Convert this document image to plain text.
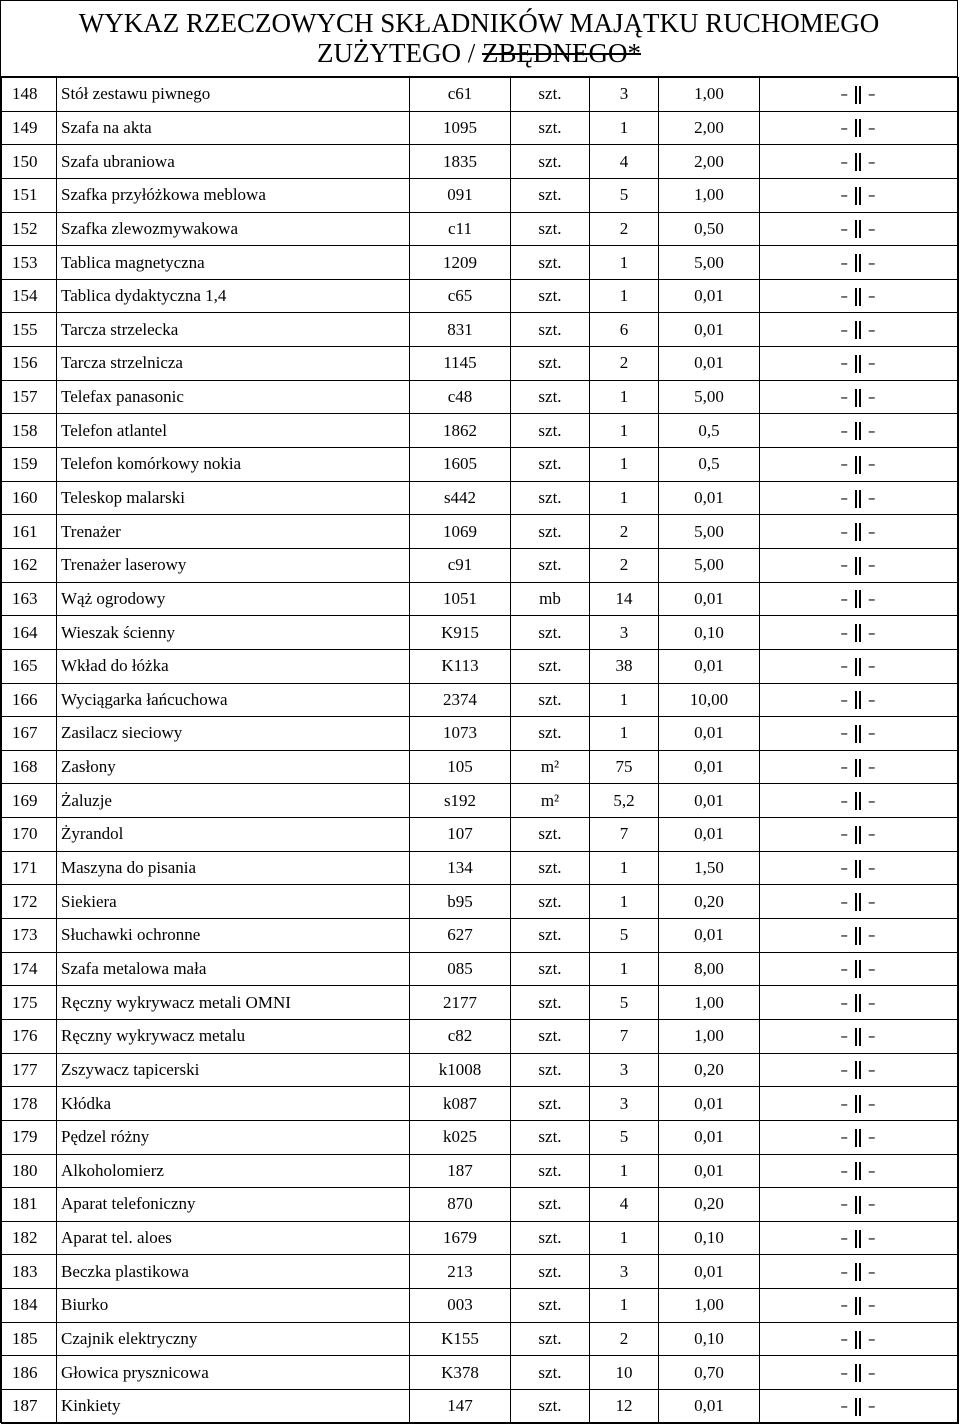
WYKAZ RZECZOWYCH SKŁADNIKÓW MAJĄTKU RUCHOMEGO
ZUŻYTEGO / ZBĘDNEGO*
148	Stół zestawu piwnego	c61	szt.	3	1,00	– –
149	Szafa na akta	1095	szt.	1	2,00	– –
150	Szafa ubraniowa	1835	szt.	4	2,00	– –
151	Szafka przyłóżkowa meblowa	091	szt.	5	1,00	– –
152	Szafka zlewozmywakowa	c11	szt.	2	0,50	– –
153	Tablica magnetyczna	1209	szt.	1	5,00	– –
154	Tablica dydaktyczna 1,4	c65	szt.	1	0,01	– –
155	Tarcza strzelecka	831	szt.	6	0,01	– –
156	Tarcza strzelnicza	1145	szt.	2	0,01	– –
157	Telefax panasonic	c48	szt.	1	5,00	– –
158	Telefon atlantel	1862	szt.	1	0,5	– –
159	Telefon komórkowy nokia	1605	szt.	1	0,5	– –
160	Teleskop malarski	s442	szt.	1	0,01	– –
161	Trenażer	1069	szt.	2	5,00	– –
162	Trenażer laserowy	c91	szt.	2	5,00	– –
163	Wąż ogrodowy	1051	mb	14	0,01	– –
164	Wieszak ścienny	K915	szt.	3	0,10	– –
165	Wkład do łóżka	K113	szt.	38	0,01	– –
166	Wyciągarka łańcuchowa	2374	szt.	1	10,00	– –
167	Zasilacz sieciowy	1073	szt.	1	0,01	– –
168	Zasłony	105	m²	75	0,01	– –
169	Żaluzje	s192	m²	5,2	0,01	– –
170	Żyrandol	107	szt.	7	0,01	– –
171	Maszyna do pisania	134	szt.	1	1,50	– –
172	Siekiera	b95	szt.	1	0,20	– –
173	Słuchawki ochronne	627	szt.	5	0,01	– –
174	Szafa metalowa mała	085	szt.	1	8,00	– –
175	Ręczny wykrywacz metali OMNI	2177	szt.	5	1,00	– –
176	Ręczny wykrywacz metalu	c82	szt.	7	1,00	– –
177	Zszywacz tapicerski	k1008	szt.	3	0,20	– –
178	Kłódka	k087	szt.	3	0,01	– –
179	Pędzel różny	k025	szt.	5	0,01	– –
180	Alkoholomierz	187	szt.	1	0,01	– –
181	Aparat telefoniczny	870	szt.	4	0,20	– –
182	Aparat tel. aloes	1679	szt.	1	0,10	– –
183	Beczka plastikowa	213	szt.	3	0,01	– –
184	Biurko	003	szt.	1	1,00	– –
185	Czajnik elektryczny	K155	szt.	2	0,10	– –
186	Głowica prysznicowa	K378	szt.	10	0,70	– –
187	Kinkiety	147	szt.	12	0,01	– –
